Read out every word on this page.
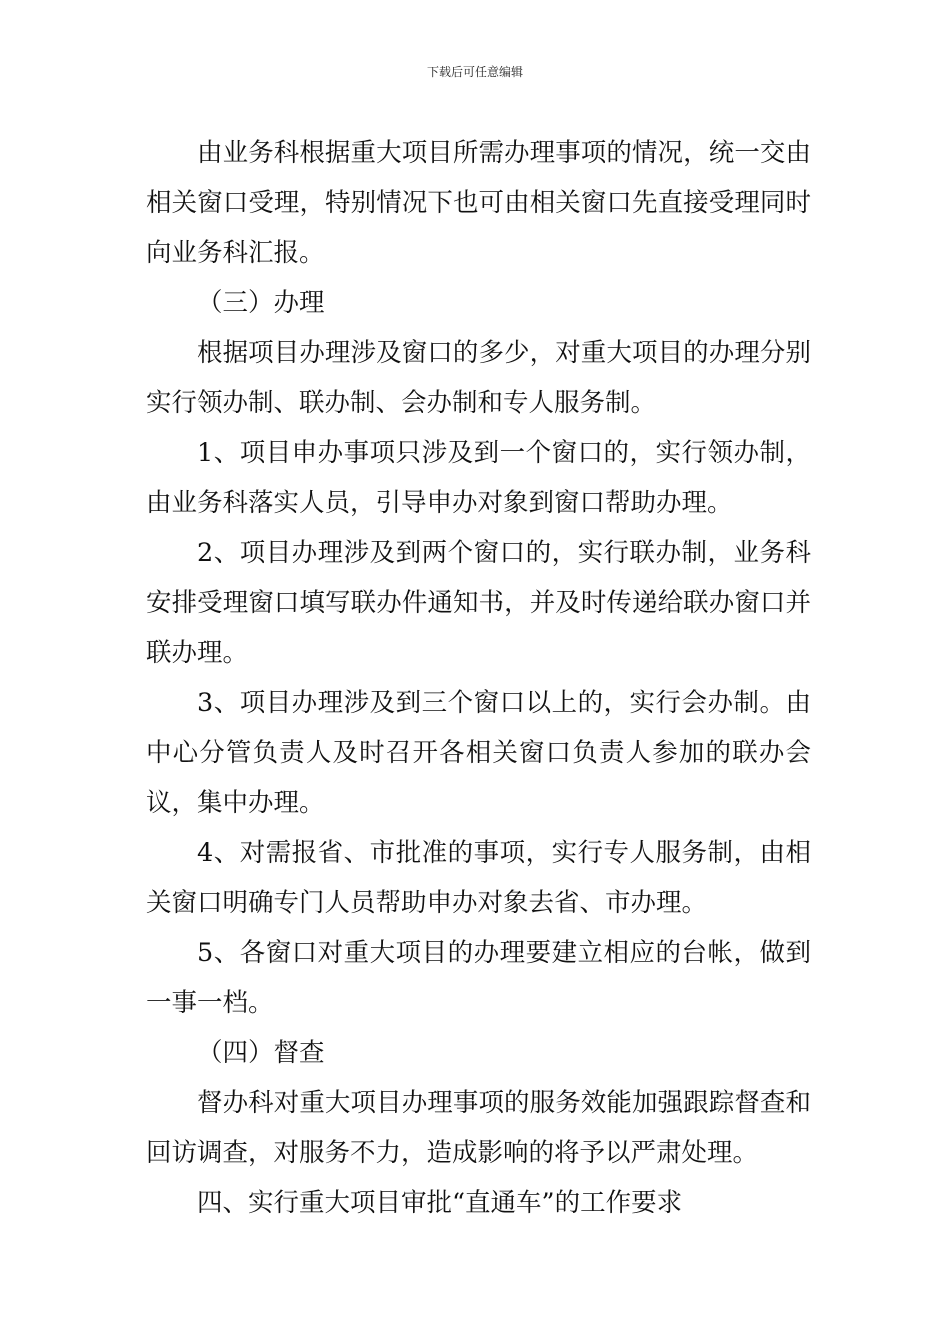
下载后可任意编辑

由业务科根据重大项目所需办理事项的情况，统一交由相关窗口受理，特别情况下也可由相关窗口先直接受理同时向业务科汇报。

（三）办理

根据项目办理涉及窗口的多少，对重大项目的办理分别实行领办制、联办制、会办制和专人服务制。

1、项目申办事项只涉及到一个窗口的，实行领办制，由业务科落实人员，引导申办对象到窗口帮助办理。

2、项目办理涉及到两个窗口的，实行联办制，业务科安排受理窗口填写联办件通知书，并及时传递给联办窗口并联办理。

3、项目办理涉及到三个窗口以上的，实行会办制。由中心分管负责人及时召开各相关窗口负责人参加的联办会议，集中办理。

4、对需报省、市批准的事项，实行专人服务制，由相关窗口明确专门人员帮助申办对象去省、市办理。

5、各窗口对重大项目的办理要建立相应的台帐，做到一事一档。

（四）督查

督办科对重大项目办理事项的服务效能加强跟踪督查和回访调查，对服务不力，造成影响的将予以严肃处理。

四、实行重大项目审批“直通车”的工作要求
